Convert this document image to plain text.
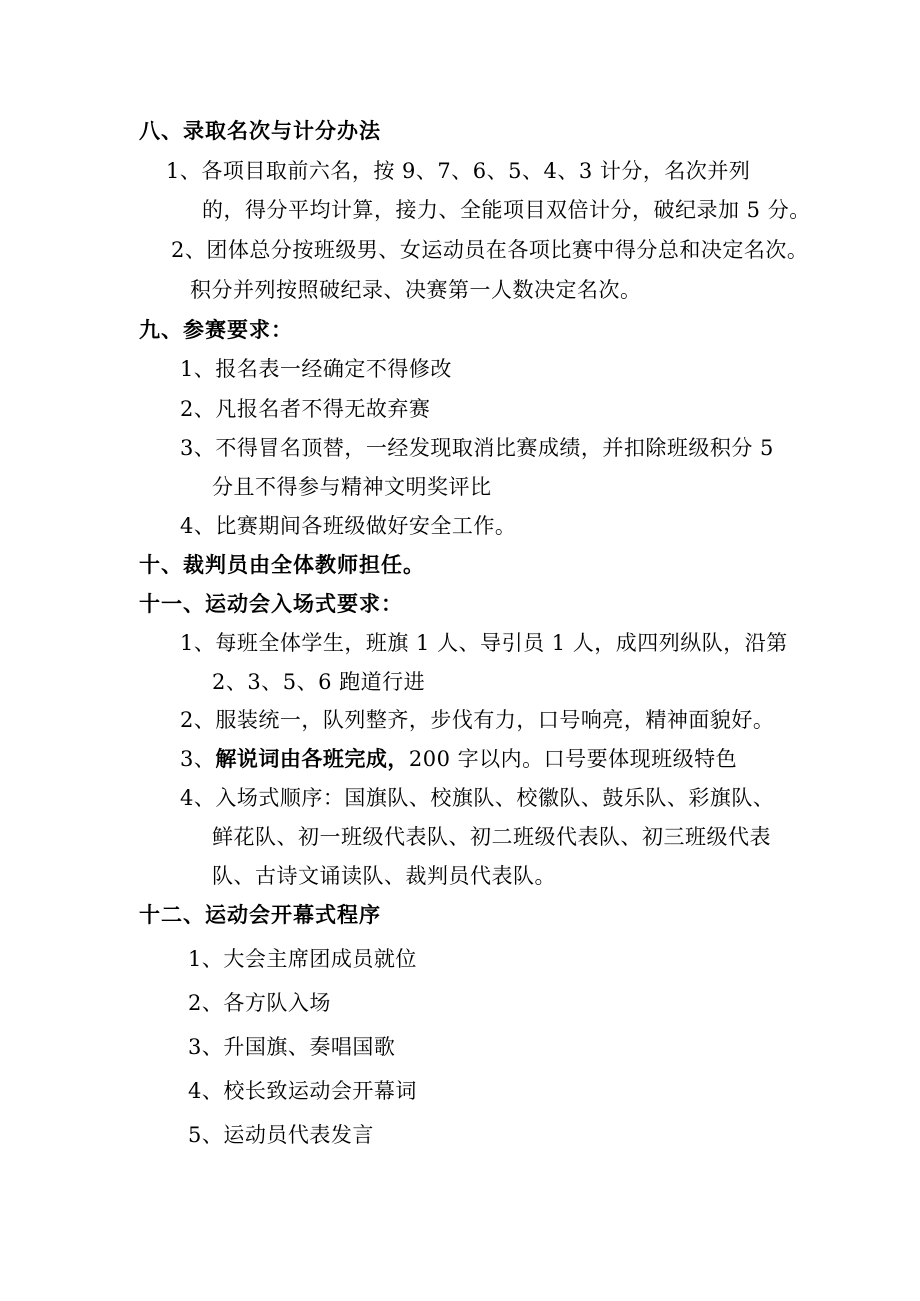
八、录取名次与计分办法
1、各项目取前六名，按 9、7、6、5、4、3 计分，名次并列
的，得分平均计算，接力、全能项目双倍计分，破纪录加 5 分。
2、团体总分按班级男、女运动员在各项比赛中得分总和决定名次。
积分并列按照破纪录、决赛第一人数决定名次。
九、参赛要求：
1、报名表一经确定不得修改
2、凡报名者不得无故弃赛
3、不得冒名顶替，一经发现取消比赛成绩，并扣除班级积分 5
分且不得参与精神文明奖评比
4、比赛期间各班级做好安全工作。
十、裁判员由全体教师担任。
十一、运动会入场式要求：
1、每班全体学生，班旗 1 人、导引员 1 人，成四列纵队，沿第
2、3、5、6 跑道行进
2、服装统一，队列整齐，步伐有力，口号响亮，精神面貌好。
3、解说词由各班完成，200 字以内。口号要体现班级特色
4、入场式顺序：国旗队、校旗队、校徽队、鼓乐队、彩旗队、
鲜花队、初一班级代表队、初二班级代表队、初三班级代表
队、古诗文诵读队、裁判员代表队。
十二、运动会开幕式程序
1、大会主席团成员就位
2、各方队入场
3、升国旗、奏唱国歌
4、校长致运动会开幕词
5、运动员代表发言
